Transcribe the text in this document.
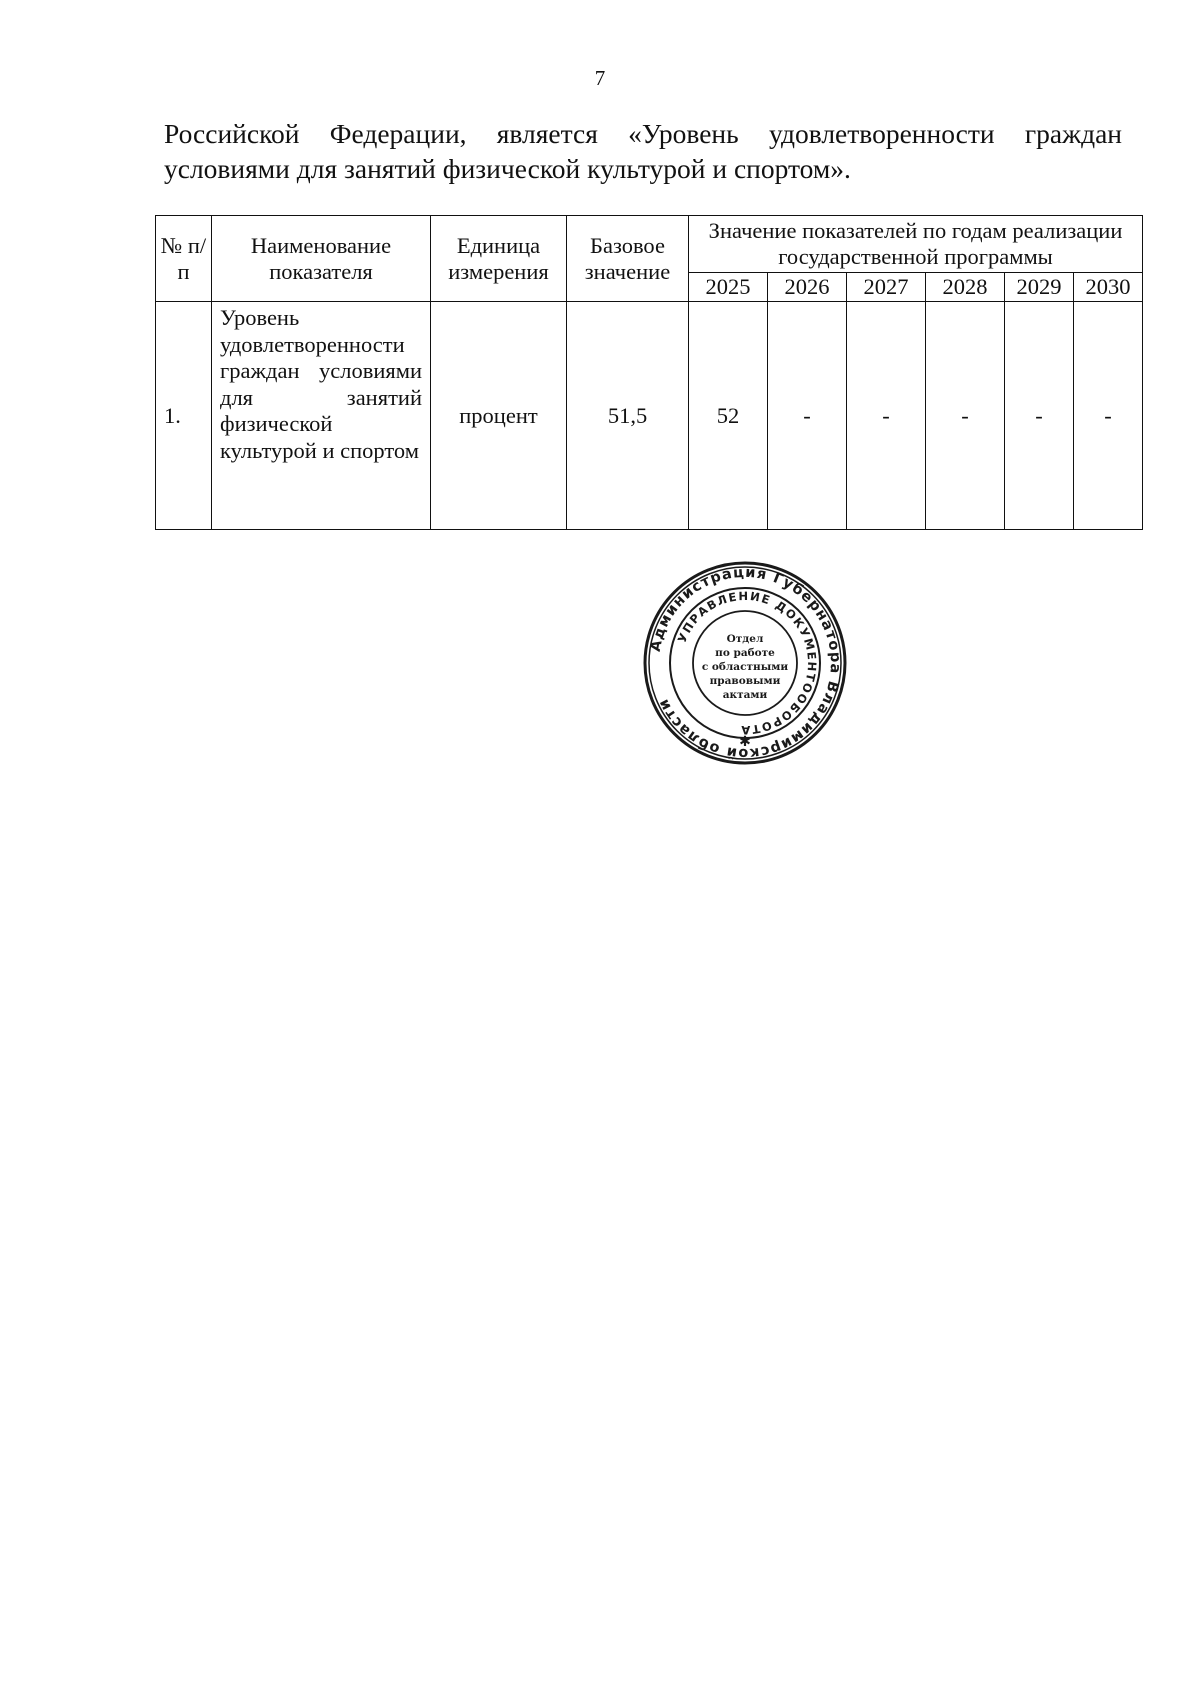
7

Российской Федерации, является «Уровень удовлетворенности граждан
условиями для занятий физической культурой и спортом».

№ п/п	Наименование показателя	Единица измерения	Базовое значение	Значение показателей по годам реализации государственной программы					
				2025	2026	2027	2028	2029	2030
1.	Уровень удовлетворенности граждан условиями для занятий физической культурой и спортом	процент	51,5	52	-	-	-	-	-
Администрация Губернатора Владимирской области
УПРАВЛЕНИЕ ДОКУМЕНТООБОРОТА
✱
Отдел
по работе
с областными
правовыми
актами
